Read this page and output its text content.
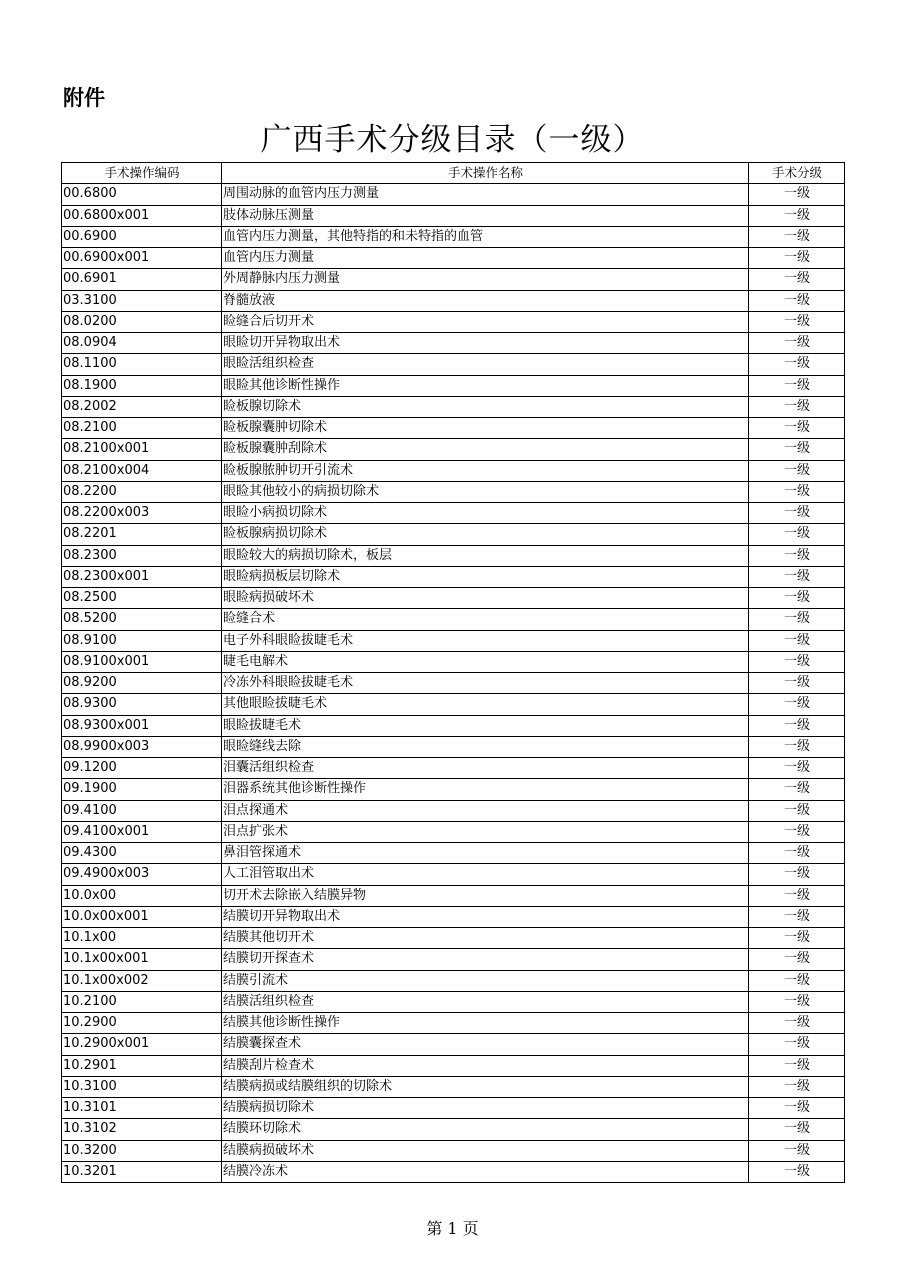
附件
广西手术分级目录（一级）
手术操作编码	手术操作名称	手术分级
00.6800	周围动脉的血管内压力测量	一级
00.6800x001	肢体动脉压测量	一级
00.6900	血管内压力测量，其他特指的和未特指的血管	一级
00.6900x001	血管内压力测量	一级
00.6901	外周静脉内压力测量	一级
03.3100	脊髓放液	一级
08.0200	睑缝合后切开术	一级
08.0904	眼睑切开异物取出术	一级
08.1100	眼睑活组织检查	一级
08.1900	眼睑其他诊断性操作	一级
08.2002	睑板腺切除术	一级
08.2100	睑板腺囊肿切除术	一级
08.2100x001	睑板腺囊肿刮除术	一级
08.2100x004	睑板腺脓肿切开引流术	一级
08.2200	眼睑其他较小的病损切除术	一级
08.2200x003	眼睑小病损切除术	一级
08.2201	睑板腺病损切除术	一级
08.2300	眼睑较大的病损切除术，板层	一级
08.2300x001	眼睑病损板层切除术	一级
08.2500	眼睑病损破坏术	一级
08.5200	睑缝合术	一级
08.9100	电子外科眼睑拔睫毛术	一级
08.9100x001	睫毛电解术	一级
08.9200	冷冻外科眼睑拔睫毛术	一级
08.9300	其他眼睑拔睫毛术	一级
08.9300x001	眼睑拔睫毛术	一级
08.9900x003	眼睑缝线去除	一级
09.1200	泪囊活组织检查	一级
09.1900	泪器系统其他诊断性操作	一级
09.4100	泪点探通术	一级
09.4100x001	泪点扩张术	一级
09.4300	鼻泪管探通术	一级
09.4900x003	人工泪管取出术	一级
10.0x00	切开术去除嵌入结膜异物	一级
10.0x00x001	结膜切开异物取出术	一级
10.1x00	结膜其他切开术	一级
10.1x00x001	结膜切开探查术	一级
10.1x00x002	结膜引流术	一级
10.2100	结膜活组织检查	一级
10.2900	结膜其他诊断性操作	一级
10.2900x001	结膜囊探查术	一级
10.2901	结膜刮片检查术	一级
10.3100	结膜病损或结膜组织的切除术	一级
10.3101	结膜病损切除术	一级
10.3102	结膜环切除术	一级
10.3200	结膜病损破坏术	一级
10.3201	结膜冷冻术	一级
第 1 页
